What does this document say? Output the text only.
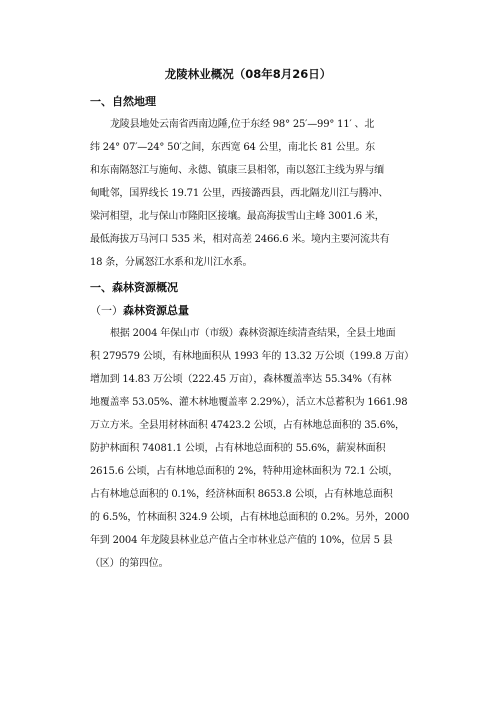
龙陵林业概况（08年8月26日）
一、自然地理
龙陵县地处云南省西南边陲,位于东经 98° 25′—99° 11′ 、北
纬 24° 07′—24° 50′之间，东西宽 64 公里，南北长 81 公里。东
和东南隔怒江与施甸、永德、镇康三县相邻，南以怒江主线为界与缅
甸毗邻，国界线长 19.71 公里，西接潞西县，西北隔龙川江与腾冲、
梁河相望，北与保山市隆阳区接壤。最高海拔雪山主峰 3001.6 米，
最低海拔万马河口 535 米，相对高差 2466.6 米。境内主要河流共有
18 条，分属怒江水系和龙川江水系。
一、森林资源概况
（一）森林资源总量
根据 2004 年保山市（市级）森林资源连续清查结果，全县土地面
积 279579 公顷，有林地面积从 1993 年的 13.32 万公顷（199.8 万亩）
增加到 14.83 万公顷（222.45 万亩），森林覆盖率达 55.34%（有林
地覆盖率 53.05%、灌木林地覆盖率 2.29%），活立木总蓄积为 1661.98
万立方米。全县用材林面积 47423.2 公顷，占有林地总面积的 35.6%，
防护林面积 74081.1 公顷，占有林地总面积的 55.6%，薪炭林面积
2615.6 公顷，占有林地总面积的 2%，特种用途林面积为 72.1 公顷，
占有林地总面积的 0.1%，经济林面积 8653.8 公顷，占有林地总面积
的 6.5%，竹林面积 324.9 公顷，占有林地总面积的 0.2%。另外，2000
年到 2004 年龙陵县林业总产值占全市林业总产值的 10%，位居 5 县
（区）的第四位。
